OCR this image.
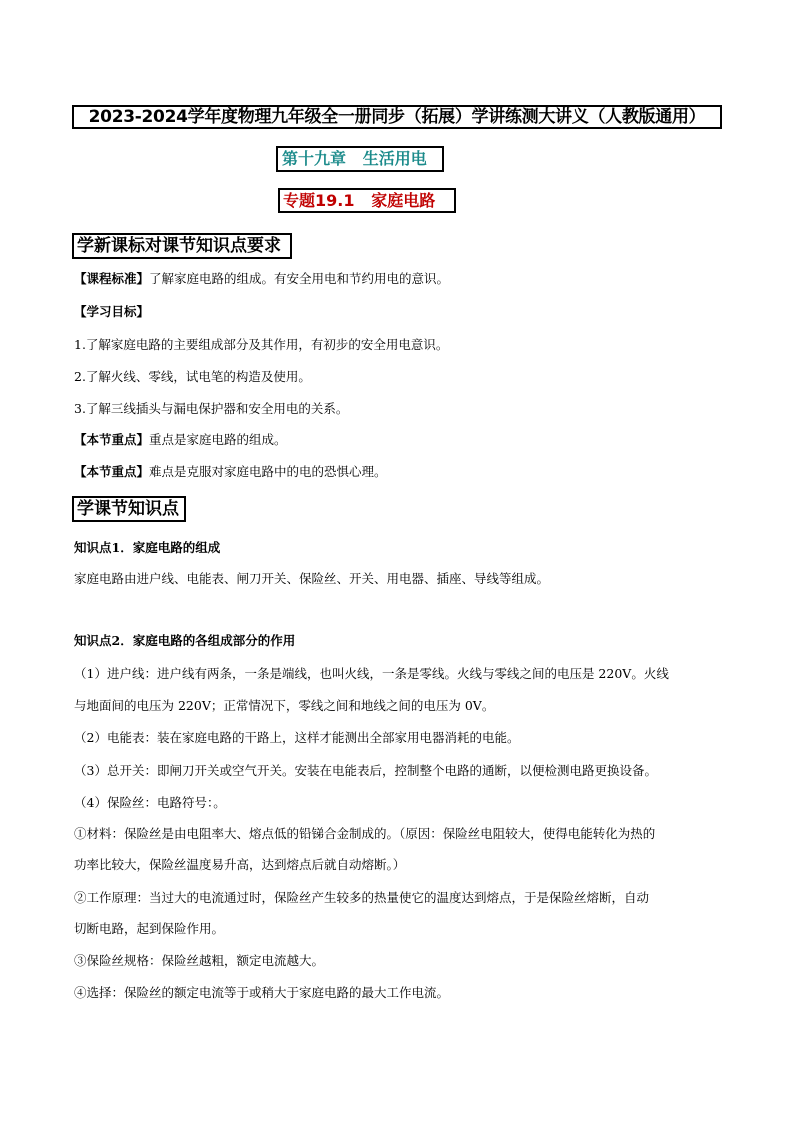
2023-2024学年度物理九年级全一册同步（拓展）学讲练测大讲义（人教版通用）
第十九章   生活用电
专题19.1   家庭电路
学新课标对课节知识点要求
【课程标准】了解家庭电路的组成。有安全用电和节约用电的意识。
【学习目标】
1.了解家庭电路的主要组成部分及其作用，有初步的安全用电意识。
2.了解火线、零线，试电笔的构造及使用。
3.了解三线插头与漏电保护器和安全用电的关系。
【本节重点】重点是家庭电路的组成。
【本节重点】难点是克服对家庭电路中的电的恐惧心理。
学课节知识点
知识点1．家庭电路的组成
家庭电路由进户线、电能表、闸刀开关、保险丝、开关、用电器、插座、导线等组成。
知识点2．家庭电路的各组成部分的作用
（1）进户线：进户线有两条，一条是端线，也叫火线，一条是零线。火线与零线之间的电压是 220V。火线
与地面间的电压为 220V；正常情况下，零线之间和地线之间的电压为 0V。
（2）电能表：装在家庭电路的干路上，这样才能测出全部家用电器消耗的电能。
（3）总开关：即闸刀开关或空气开关。安装在电能表后，控制整个电路的通断，以便检测电路更换设备。
（4）保险丝：电路符号：。
①材料：保险丝是由电阻率大、熔点低的铅锑合金制成的。（原因：保险丝电阻较大，使得电能转化为热的
功率比较大，保险丝温度易升高，达到熔点后就自动熔断。）
②工作原理：当过大的电流通过时，保险丝产生较多的热量使它的温度达到熔点，于是保险丝熔断，自动
切断电路，起到保险作用。
③保险丝规格：保险丝越粗，额定电流越大。
④选择：保险丝的额定电流等于或稍大于家庭电路的最大工作电流。
